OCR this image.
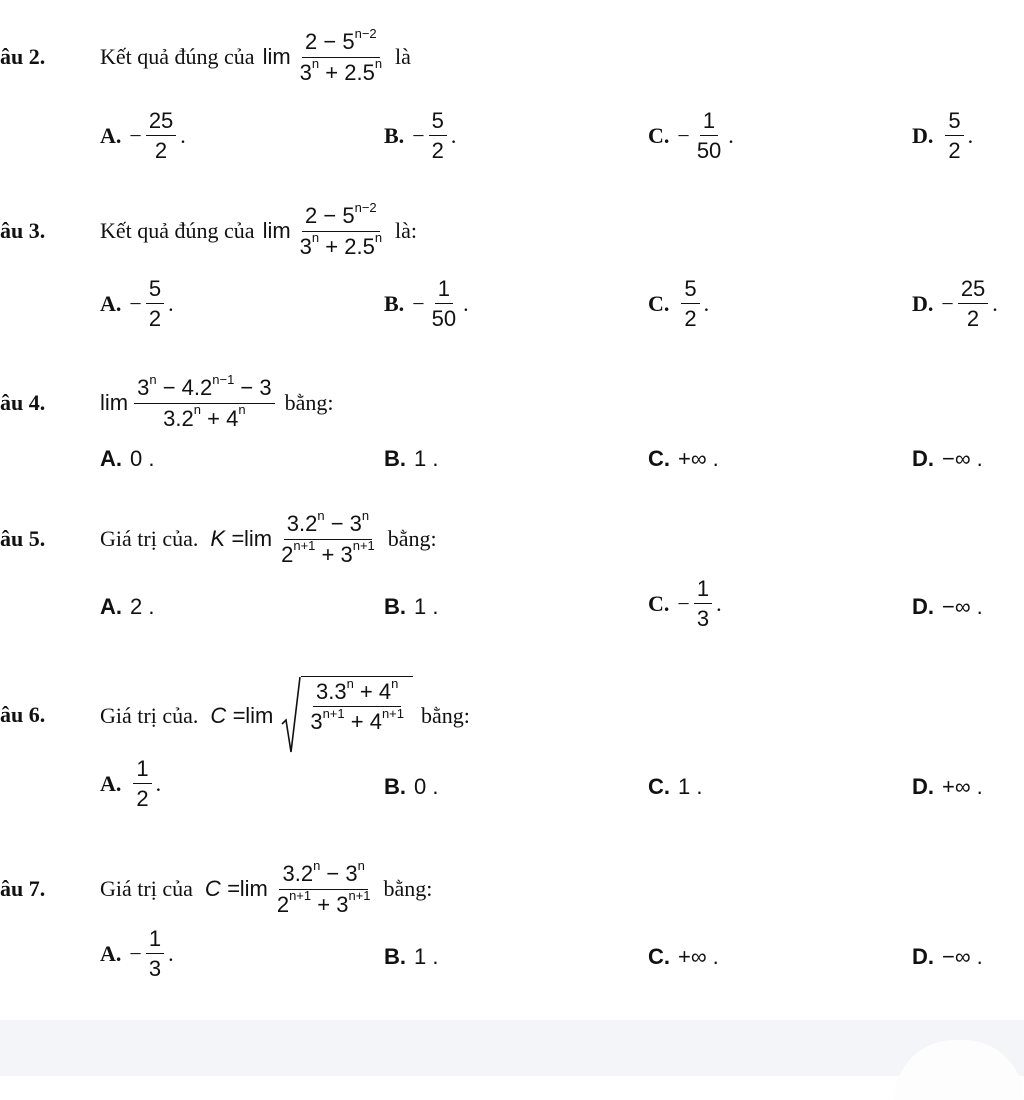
âu 2. Kết quả đúng của $\lim \frac{2 - 5^{n-2}}{3^n + 2.5^n}$ là
A. − $\frac{25}{2}$ .	B. − $\frac{5}{2}$ .	C. − $\frac{1}{50}$ .	D. $\frac{5}{2}$ .
âu 3. Kết quả đúng của $\lim \frac{2 - 5^{n-2}}{3^n + 2.5^n}$ là:
A. − $\frac{5}{2}$ .	B. − $\frac{1}{50}$ .	C. $\frac{5}{2}$ .	D. − $\frac{25}{2}$ .
âu 4. $\lim \frac{3^n - 4.2^{n-1} - 3}{3.2^n + 4^n}$ bằng:
A. 0 .	B. 1 .	C. +∞ .	D. −∞ .
âu 5. Giá trị của. $K = \lim \frac{3.2^n - 3^n}{2^{n+1} + 3^{n+1}}$ bằng:
A. 2 .	B. 1 .	C. − $\frac{1}{3}$ .	D. −∞ .
âu 6. Giá trị của. $C = \lim \frac{3.3^n + 4^n}{3^{n+1} + 4^{n+1}}$ bằng:
A. $\frac{1}{2}$ .	B. 0 .	C. 1 .	D. +∞ .
âu 7. Giá trị của $C = \lim \frac{3.2^n - 3^n}{2^{n+1} + 3^{n+1}}$ bằng:
A. − $\frac{1}{3}$ .	B. 1 .	C. +∞ .	D. −∞ .
